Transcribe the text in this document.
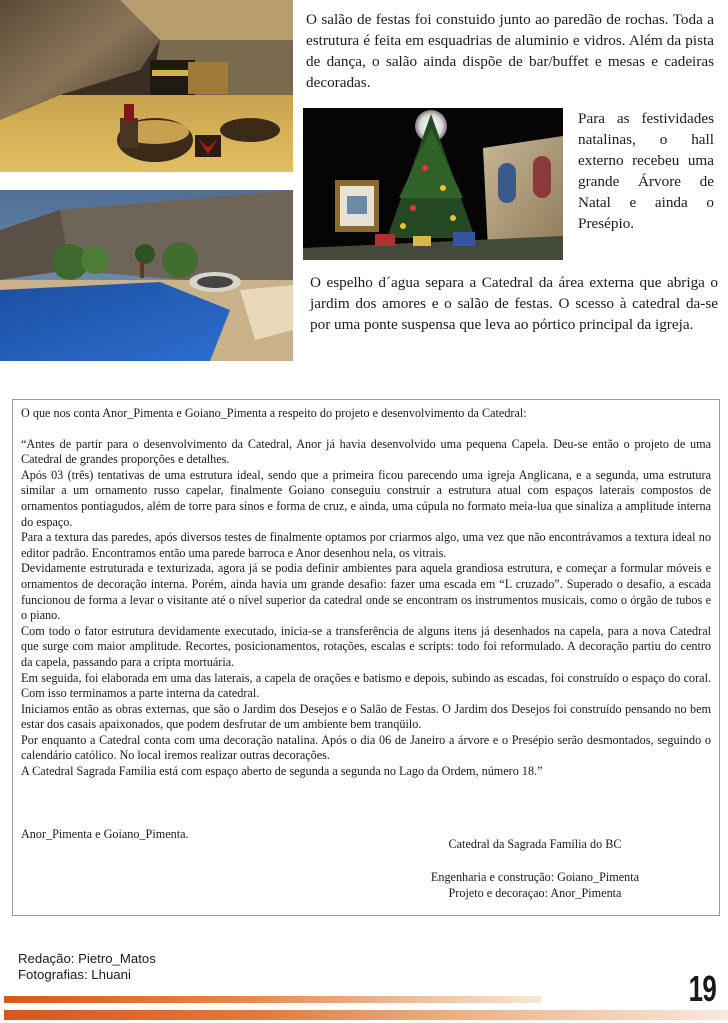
O salão de festas foi constuido junto ao paredão de rochas. Toda a estrutura é feita em esquadrias de aluminio e vidros. Além da pista de dança, o salão ainda dispõe de bar/buffet e mesas e cadeiras decoradas.

Para as festividades natalinas, o hall externo recebeu uma grande Árvore de Natal e ainda o Presépio.

O espelho d´agua separa a Catedral da área externa que abriga o jardim dos amores e o salão de festas. O scesso à catedral da-se por uma ponte suspensa que leva ao pórtico principal da igreja.

O que nos conta Anor_Pimenta e Goiano_Pimenta a respeito do projeto e desenvolvimento da Catedral:

“Antes de partir para o desenvolvimento da Catedral, Anor já havia desenvolvido uma pequena Capela. Deu-se então o projeto de uma Catedral de grandes proporções e detalhes.

Após 03 (três) tentativas de uma estrutura ideal, sendo que a primeira ficou parecendo uma igreja Anglicana, e a segunda, uma estrutura similar a um ornamento russo capelar, finalmente Goiano conseguiu construir a estrutura atual com espaços laterais compostos de ornamentos pontiagudos, além de torre para sinos e forma de cruz, e ainda, uma cúpula no formato meia-lua que sinaliza a amplitude interna do espaço.

Para a textura das paredes, após diversos testes de finalmente optamos por criarmos algo, uma vez que não encontrávamos a textura ideal no editor padrão. Encontramos então uma parede barroca e Anor desenhou nela, os vitrais.

Devidamente estruturada e texturizada, agora já se podia definir ambientes para aquela grandiosa estrutura, e começar a formular móveis e ornamentos de decoração interna. Porém, ainda havia um grande desafio: fazer uma escada em “L cruzado”. Superado o desafio, a escada funcionou de forma a levar o visitante até o nível superior da catedral onde se encontram os instrumentos musicais, como o órgão de tubos e o piano.

Com todo o fator estrutura devidamente executado, inicia-se a transferência de alguns itens já desenhados na capela, para a nova Catedral que surge com maior amplitude. Recortes, posicionamentos, rotações, escalas e scripts: todo foi reformulado. A decoração partiu do centro da capela, passando para a cripta mortuária.

Em seguida, foi elaborada em uma das laterais, a capela de orações e batismo e depois, subindo as escadas, foi construído o espaço do coral. Com isso terminamos a parte interna da catedral.

Iniciamos então as obras externas, que são o Jardim dos Desejos e o Salão de Festas. O Jardim dos Desejos foi construído pensando no bem estar dos casais apaixonados, que podem desfrutar de um ambiente bem tranqüilo.

Por enquanto a Catedral conta com uma decoração natalina. Após o dia 06 de Janeiro a árvore e o Presépio serão desmontados, seguindo o calendário católico. No local iremos realizar outras decorações.

A Catedral Sagrada Família está com espaço aberto de segunda a segunda no Lago da Ordem, número 18.”

Anor_Pimenta e Goiano_Pimenta.
Catedral da Sagrada Família do BC
Engenharia e construção: Goiano_Pimenta
Projeto e decoraçao: Anor_Pimenta
Redação: Pietro_Matos
Fotografias: Lhuani	19
